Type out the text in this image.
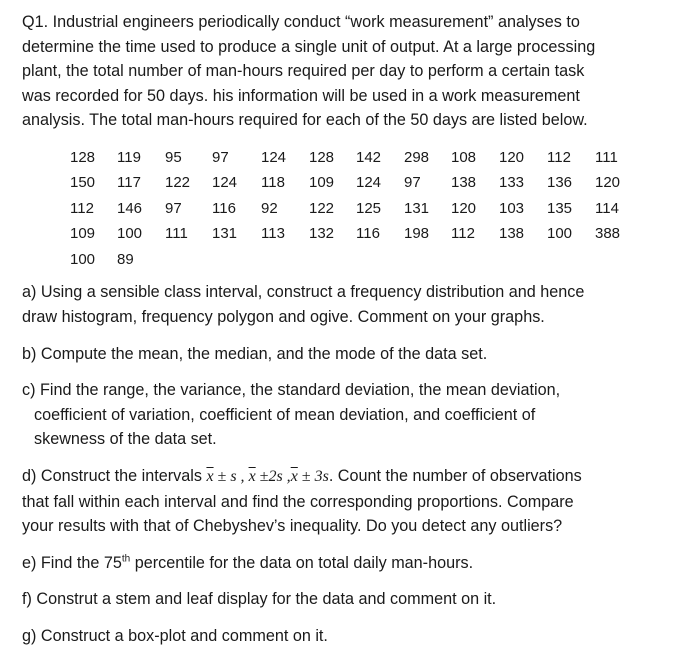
Q1. Industrial engineers periodically conduct “work measurement” analyses to
determine the time used to produce a single unit of output. At a large processing
plant, the total number of man-hours required per day to perform a certain task
was recorded for 50 days. his information will be used in a work measurement
analysis. The total man-hours required for each of the 50 days are listed below.
128	119	95	97	124	128	142	298	108	120	112	111
150	117	122	124	118	109	124	97	138	133	136	120
112	146	97	116	92	122	125	131	120	103	135	114
109	100	111	131	113	132	116	198	112	138	100	388
100	89
a) Using a sensible class interval, construct a frequency distribution and hence
draw histogram, frequency polygon and ogive. Comment on your graphs.
b) Compute the mean, the median, and the mode of the data set.
c) Find the range, the variance, the standard deviation, the mean deviation,
coefficient of variation, coefficient of mean deviation, and coefficient of
skewness of the data set.
d) Construct the intervals $\overline{x} \pm s$ , $\overline{x} \pm 2s$ $,\overline{x} \pm 3s$. Count the number of observations
that fall within each interval and find the corresponding proportions. Compare
your results with that of Chebyshev’s inequality. Do you detect any outliers?
e) Find the 75th percentile for the data on total daily man-hours.
f) Construt a stem and leaf display for the data and comment on it.
g) Construct a box-plot and comment on it.
